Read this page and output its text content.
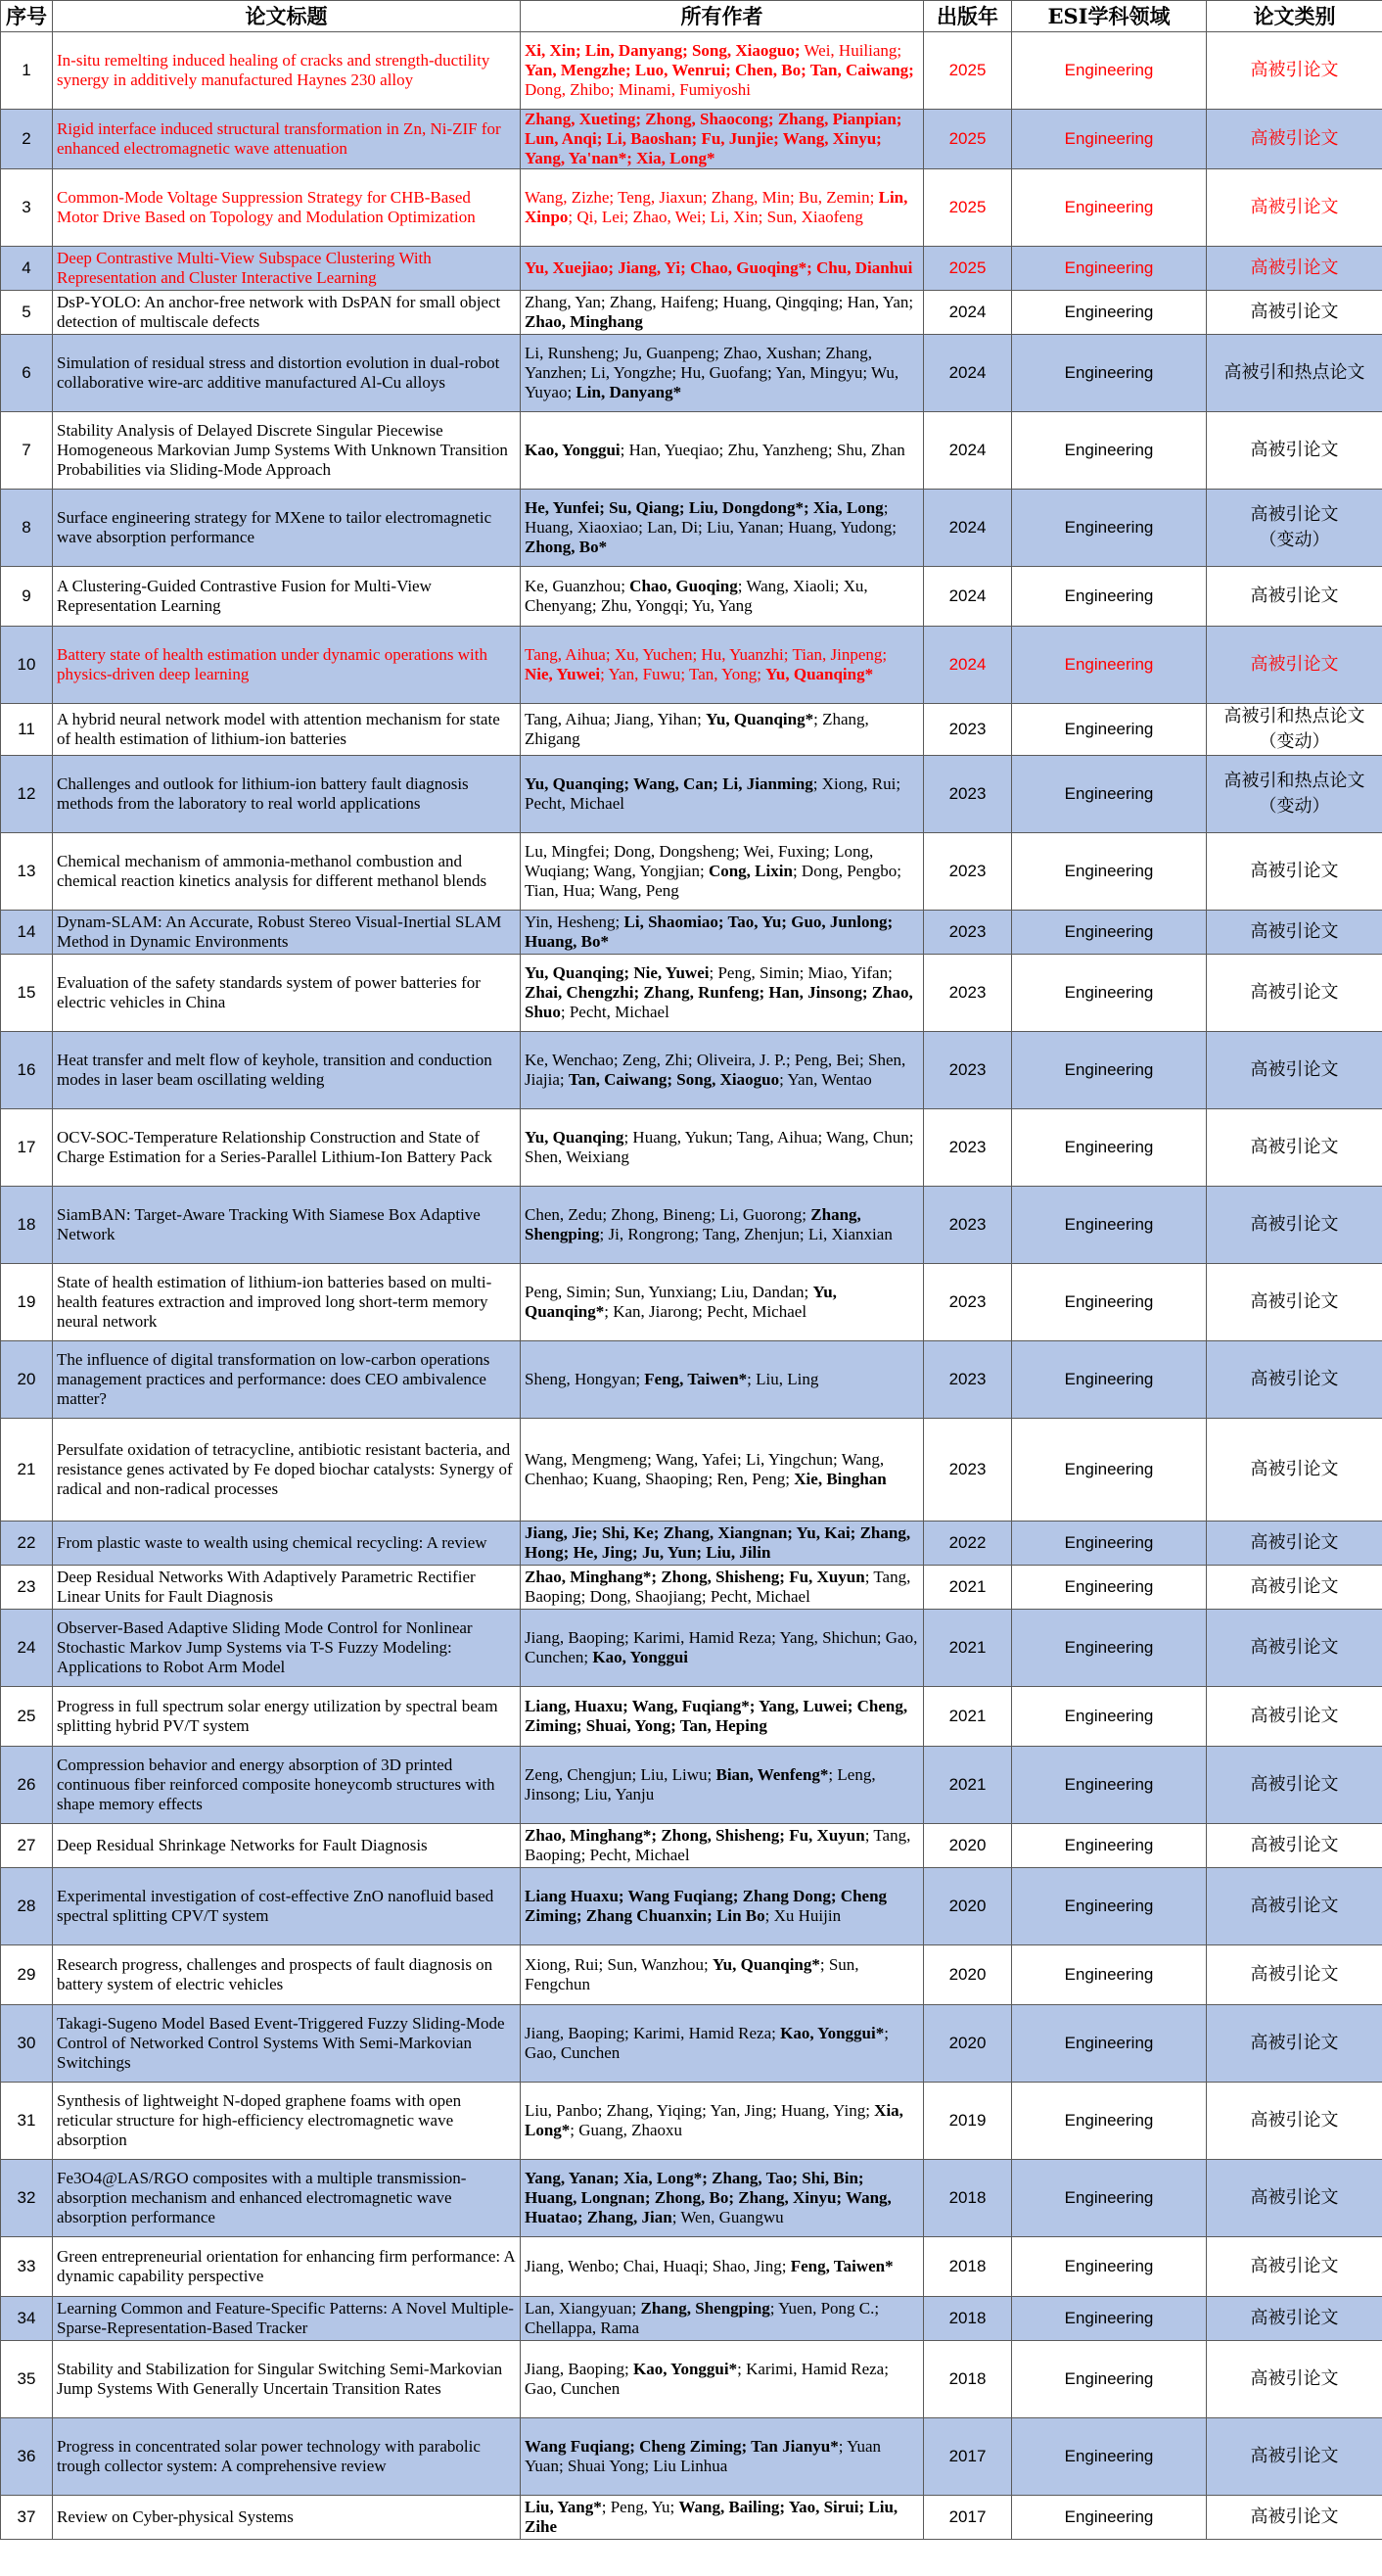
序号	论文标题	所有作者	出版年	ESI学科领域	论文类别
1	In-situ remelting induced healing of cracks and strength-ductility synergy in additively manufactured Haynes 230 alloy	Xi, Xin; Lin, Danyang; Song, Xiaoguo; Wei, Huiliang; Yan, Mengzhe; Luo, Wenrui; Chen, Bo; Tan, Caiwang; Dong, Zhibo; Minami, Fumiyoshi	2025	Engineering	高被引论文
2	Rigid interface induced structural transformation in Zn, Ni-ZIF for enhanced electromagnetic wave attenuation	Zhang, Xueting; Zhong, Shaocong; Zhang, Pianpian; Lun, Anqi; Li, Baoshan; Fu, Junjie; Wang, Xinyu; Yang, Ya'nan*; Xia, Long*	2025	Engineering	高被引论文
3	Common-Mode Voltage Suppression Strategy for CHB-Based Motor Drive Based on Topology and Modulation Optimization	Wang, Zizhe; Teng, Jiaxun; Zhang, Min; Bu, Zemin; Lin, Xinpo; Qi, Lei; Zhao, Wei; Li, Xin; Sun, Xiaofeng	2025	Engineering	高被引论文
4	Deep Contrastive Multi-View Subspace Clustering With Representation and Cluster Interactive Learning	Yu, Xuejiao; Jiang, Yi; Chao, Guoqing*; Chu, Dianhui	2025	Engineering	高被引论文
5	DsP-YOLO: An anchor-free network with DsPAN for small object detection of multiscale defects	Zhang, Yan; Zhang, Haifeng; Huang, Qingqing; Han, Yan; Zhao, Minghang	2024	Engineering	高被引论文
6	Simulation of residual stress and distortion evolution in dual-robot collaborative wire-arc additive manufactured Al-Cu alloys	Li, Runsheng; Ju, Guanpeng; Zhao, Xushan; Zhang, Yanzhen; Li, Yongzhe; Hu, Guofang; Yan, Mingyu; Wu, Yuyao; Lin, Danyang*	2024	Engineering	高被引和热点论文
7	Stability Analysis of Delayed Discrete Singular Piecewise Homogeneous Markovian Jump Systems With Unknown Transition Probabilities via Sliding-Mode Approach	Kao, Yonggui; Han, Yueqiao; Zhu, Yanzheng; Shu, Zhan	2024	Engineering	高被引论文
8	Surface engineering strategy for MXene to tailor electromagnetic wave absorption performance	He, Yunfei; Su, Qiang; Liu, Dongdong*; Xia, Long; Huang, Xiaoxiao; Lan, Di; Liu, Yanan; Huang, Yudong; Zhong, Bo*	2024	Engineering	高被引论文
（变动）
9	A Clustering-Guided Contrastive Fusion for Multi-View Representation Learning	Ke, Guanzhou; Chao, Guoqing; Wang, Xiaoli; Xu, Chenyang; Zhu, Yongqi; Yu, Yang	2024	Engineering	高被引论文
10	Battery state of health estimation under dynamic operations with physics-driven deep learning	Tang, Aihua; Xu, Yuchen; Hu, Yuanzhi; Tian, Jinpeng; Nie, Yuwei; Yan, Fuwu; Tan, Yong; Yu, Quanqing*	2024	Engineering	高被引论文
11	A hybrid neural network model with attention mechanism for state of health estimation of lithium-ion batteries	Tang, Aihua; Jiang, Yihan; Yu, Quanqing*; Zhang, Zhigang	2023	Engineering	高被引和热点论文
（变动）
12	Challenges and outlook for lithium-ion battery fault diagnosis methods from the laboratory to real world applications	Yu, Quanqing; Wang, Can; Li, Jianming; Xiong, Rui; Pecht, Michael	2023	Engineering	高被引和热点论文
（变动）
13	Chemical mechanism of ammonia-methanol combustion and chemical reaction kinetics analysis for different methanol blends	Lu, Mingfei; Dong, Dongsheng; Wei, Fuxing; Long, Wuqiang; Wang, Yongjian; Cong, Lixin; Dong, Pengbo; Tian, Hua; Wang, Peng	2023	Engineering	高被引论文
14	Dynam-SLAM: An Accurate, Robust Stereo Visual-Inertial SLAM Method in Dynamic Environments	Yin, Hesheng; Li, Shaomiao; Tao, Yu; Guo, Junlong; Huang, Bo*	2023	Engineering	高被引论文
15	Evaluation of the safety standards system of power batteries for electric vehicles in China	Yu, Quanqing; Nie, Yuwei; Peng, Simin; Miao, Yifan; Zhai, Chengzhi; Zhang, Runfeng; Han, Jinsong; Zhao, Shuo; Pecht, Michael	2023	Engineering	高被引论文
16	Heat transfer and melt flow of keyhole, transition and conduction modes in laser beam oscillating welding	Ke, Wenchao; Zeng, Zhi; Oliveira, J. P.; Peng, Bei; Shen, Jiajia; Tan, Caiwang; Song, Xiaoguo; Yan, Wentao	2023	Engineering	高被引论文
17	OCV-SOC-Temperature Relationship Construction and State of Charge Estimation for a Series-Parallel Lithium-Ion Battery Pack	Yu, Quanqing; Huang, Yukun; Tang, Aihua; Wang, Chun; Shen, Weixiang	2023	Engineering	高被引论文
18	SiamBAN: Target-Aware Tracking With Siamese Box Adaptive Network	Chen, Zedu; Zhong, Bineng; Li, Guorong; Zhang, Shengping; Ji, Rongrong; Tang, Zhenjun; Li, Xianxian	2023	Engineering	高被引论文
19	State of health estimation of lithium-ion batteries based on multi-health features extraction and improved long short-term memory neural network	Peng, Simin; Sun, Yunxiang; Liu, Dandan; Yu, Quanqing*; Kan, Jiarong; Pecht, Michael	2023	Engineering	高被引论文
20	The influence of digital transformation on low-carbon operations management practices and performance: does CEO ambivalence matter?	Sheng, Hongyan; Feng, Taiwen*; Liu, Ling	2023	Engineering	高被引论文
21	Persulfate oxidation of tetracycline, antibiotic resistant bacteria, and resistance genes activated by Fe doped biochar catalysts: Synergy of radical and non-radical processes	Wang, Mengmeng; Wang, Yafei; Li, Yingchun; Wang, Chenhao; Kuang, Shaoping; Ren, Peng; Xie, Binghan	2023	Engineering	高被引论文
22	From plastic waste to wealth using chemical recycling: A review	Jiang, Jie; Shi, Ke; Zhang, Xiangnan; Yu, Kai; Zhang, Hong; He, Jing; Ju, Yun; Liu, Jilin	2022	Engineering	高被引论文
23	Deep Residual Networks With Adaptively Parametric Rectifier Linear Units for Fault Diagnosis	Zhao, Minghang*; Zhong, Shisheng; Fu, Xuyun; Tang, Baoping; Dong, Shaojiang; Pecht, Michael	2021	Engineering	高被引论文
24	Observer-Based Adaptive Sliding Mode Control for Nonlinear Stochastic Markov Jump Systems via T-S Fuzzy Modeling: Applications to Robot Arm Model	Jiang, Baoping; Karimi, Hamid Reza; Yang, Shichun; Gao, Cunchen; Kao, Yonggui	2021	Engineering	高被引论文
25	Progress in full spectrum solar energy utilization by spectral beam splitting hybrid PV/T system	Liang, Huaxu; Wang, Fuqiang*; Yang, Luwei; Cheng, Ziming; Shuai, Yong; Tan, Heping	2021	Engineering	高被引论文
26	Compression behavior and energy absorption of 3D printed continuous fiber reinforced composite honeycomb structures with shape memory effects	Zeng, Chengjun; Liu, Liwu; Bian, Wenfeng*; Leng, Jinsong; Liu, Yanju	2021	Engineering	高被引论文
27	Deep Residual Shrinkage Networks for Fault Diagnosis	Zhao, Minghang*; Zhong, Shisheng; Fu, Xuyun; Tang, Baoping; Pecht, Michael	2020	Engineering	高被引论文
28	Experimental investigation of cost-effective ZnO nanofluid based spectral splitting CPV/T system	Liang Huaxu; Wang Fuqiang; Zhang Dong; Cheng Ziming; Zhang Chuanxin; Lin Bo; Xu Huijin	2020	Engineering	高被引论文
29	Research progress, challenges and prospects of fault diagnosis on battery system of electric vehicles	Xiong, Rui; Sun, Wanzhou; Yu, Quanqing*; Sun, Fengchun	2020	Engineering	高被引论文
30	Takagi-Sugeno Model Based Event-Triggered Fuzzy Sliding-Mode Control of Networked Control Systems With Semi-Markovian Switchings	Jiang, Baoping; Karimi, Hamid Reza; Kao, Yonggui*; Gao, Cunchen	2020	Engineering	高被引论文
31	Synthesis of lightweight N-doped graphene foams with open reticular structure for high-efficiency electromagnetic wave absorption	Liu, Panbo; Zhang, Yiqing; Yan, Jing; Huang, Ying; Xia, Long*; Guang, Zhaoxu	2019	Engineering	高被引论文
32	Fe3O4@LAS/RGO composites with a multiple transmission-absorption mechanism and enhanced electromagnetic wave absorption performance	Yang, Yanan; Xia, Long*; Zhang, Tao; Shi, Bin; Huang, Longnan; Zhong, Bo; Zhang, Xinyu; Wang, Huatao; Zhang, Jian; Wen, Guangwu	2018	Engineering	高被引论文
33	Green entrepreneurial orientation for enhancing firm performance: A dynamic capability perspective	Jiang, Wenbo; Chai, Huaqi; Shao, Jing; Feng, Taiwen*	2018	Engineering	高被引论文
34	Learning Common and Feature-Specific Patterns: A Novel Multiple-Sparse-Representation-Based Tracker	Lan, Xiangyuan; Zhang, Shengping; Yuen, Pong C.; Chellappa, Rama	2018	Engineering	高被引论文
35	Stability and Stabilization for Singular Switching Semi-Markovian Jump Systems With Generally Uncertain Transition Rates	Jiang, Baoping; Kao, Yonggui*; Karimi, Hamid Reza; Gao, Cunchen	2018	Engineering	高被引论文
36	Progress in concentrated solar power technology with parabolic trough collector system: A comprehensive review	Wang Fuqiang; Cheng Ziming; Tan Jianyu*; Yuan Yuan; Shuai Yong; Liu Linhua	2017	Engineering	高被引论文
37	Review on Cyber-physical Systems	Liu, Yang*; Peng, Yu; Wang, Bailing; Yao, Sirui; Liu, Zihe	2017	Engineering	高被引论文
